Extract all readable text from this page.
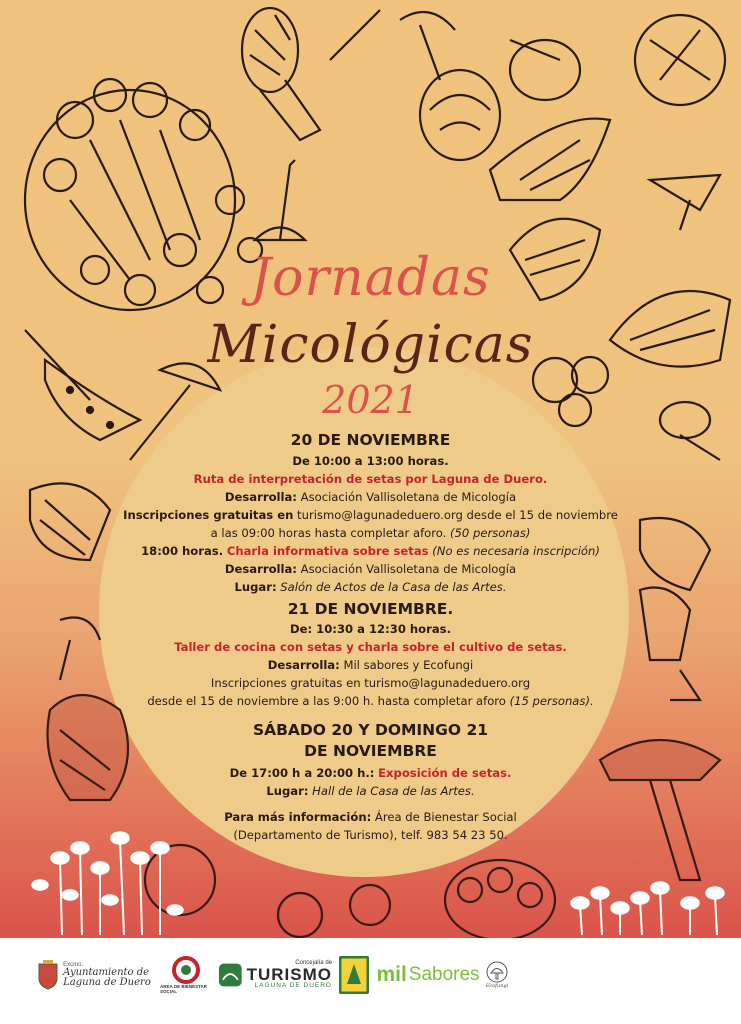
Jornadas
Micológicas
2021
20 DE NOVIEMBRE
De 10:00 a 13:00 horas.
Ruta de interpretación de setas por Laguna de Duero.
Desarrolla: Asociación Vallisoletana de Micología
Inscripciones gratuitas en turismo@lagunadeduero.org desde el 15 de noviembre
a las 09:00 horas hasta completar aforo. (50 personas)
18:00 horas. Charla informativa sobre setas (No es necesaria inscripción)
Desarrolla: Asociación Vallisoletana de Micología
Lugar: Salón de Actos de la Casa de las Artes.
21 DE NOVIEMBRE.
De: 10:30 a 12:30 horas.
Taller de cocina con setas y charla sobre el cultivo de setas.
Desarrolla: Mil sabores y Ecofungi
Inscripciones gratuitas en turismo@lagunadeduero.org
desde el 15 de noviembre a las 9:00 h. hasta completar aforo (15 personas).
SÁBADO 20 Y DOMINGO 21
DE NOVIEMBRE
De 17:00 h a 20:00 h.: Exposición de setas.
Lugar: Hall de la Casa de las Artes.
Para más información: Área de Bienestar Social
(Departamento de Turismo), telf. 983 54 23 50.
Excmo.
Ayuntamiento de
Laguna de Duero ÁREA DE BIENESTAR SOCIAL
Concejalía de
TURISMO
LAGUNA DE DUERO mil Sabores
Ecofungi
